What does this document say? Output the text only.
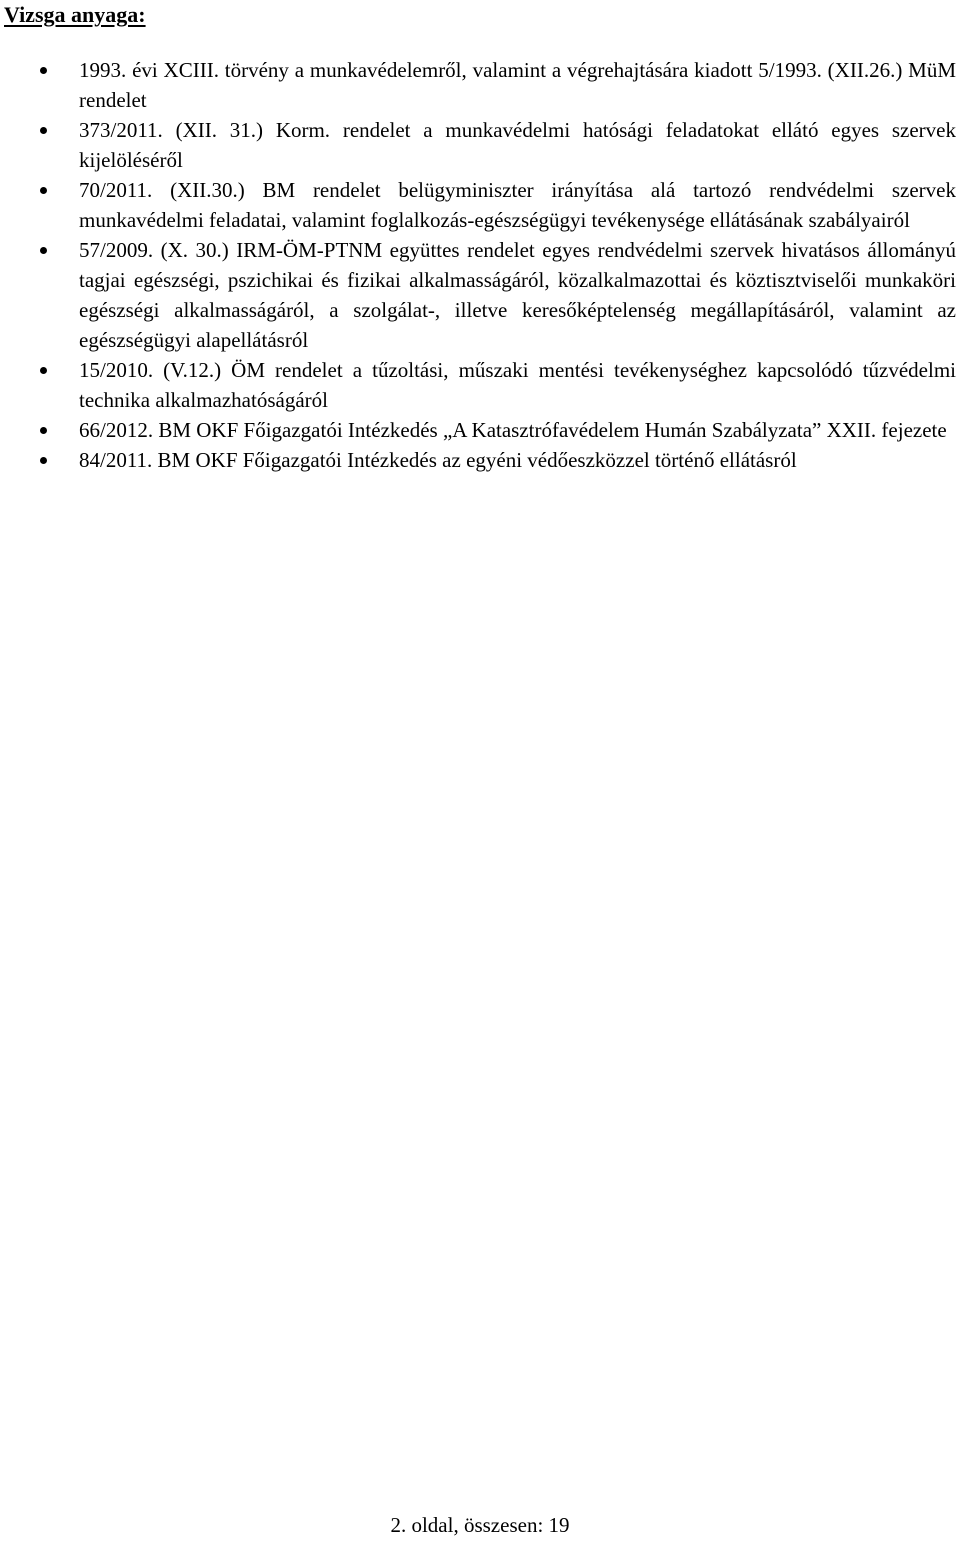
Vizsga anyaga:
1993. évi XCIII. törvény a munkavédelemről, valamint a végrehajtására kiadott 5/1993. (XII.26.) MüM rendelet
373/2011. (XII. 31.) Korm. rendelet a munkavédelmi hatósági feladatokat ellátó egyes szervek kijelöléséről
70/2011. (XII.30.) BM rendelet belügyminiszter irányítása alá tartozó rendvédelmi szervek munkavédelmi feladatai, valamint foglalkozás-egészségügyi tevékenysége ellátásának szabályairól
57/2009. (X. 30.) IRM-ÖM-PTNM együttes rendelet egyes rendvédelmi szervek hivatásos állományú tagjai egészségi, pszichikai és fizikai alkalmasságáról, közalkalmazottai és köztisztviselői munkaköri egészségi alkalmasságáról, a szolgálat-, illetve keresőképtelenség megállapításáról, valamint az egészségügyi alapellátásról
15/2010. (V.12.) ÖM rendelet a tűzoltási, műszaki mentési tevékenységhez kapcsolódó tűzvédelmi technika alkalmazhatóságáról
66/2012. BM OKF Főigazgatói Intézkedés „A Katasztrófavédelem Humán Szabályzata” XXII. fejezete
84/2011. BM OKF Főigazgatói Intézkedés az egyéni védőeszközzel történő ellátásról

2. oldal, összesen: 19
